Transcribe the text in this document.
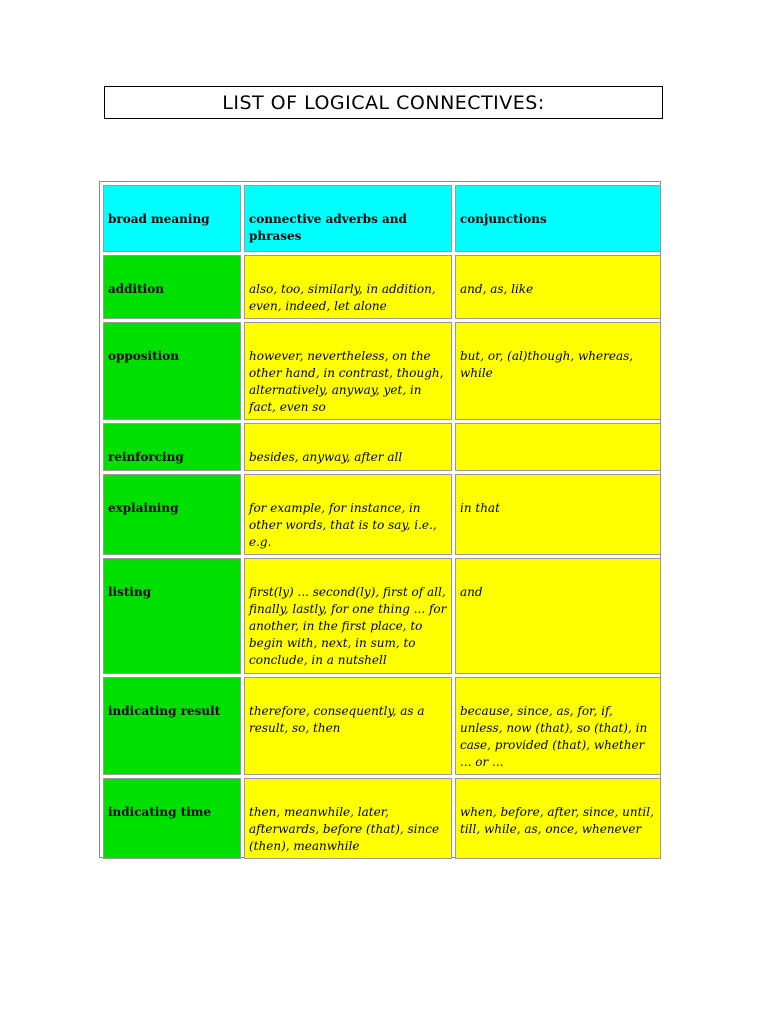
LIST OF LOGICAL CONNECTIVES:
broad meaning	connective adverbs and phrases	conjunctions
addition	also, too, similarly, in addition, even, indeed, let alone	and, as, like
opposition	however, nevertheless, on the other hand, in contrast, though, alternatively, anyway, yet, in fact, even so	but, or, (al)though, whereas, while
reinforcing	besides, anyway, after all	
explaining	for example, for instance, in other words, that is to say, i.e., e.g.	in that
listing	first(ly) ... second(ly), first of all, finally, lastly, for one thing ... for another, in the first place, to begin with, next, in sum, to conclude, in a nutshell	and
indicating result	therefore, consequently, as a result, so, then	because, since, as, for, if, unless, now (that), so (that), in case, provided (that), whether ... or ...
indicating time	then, meanwhile, later, afterwards, before (that), since (then), meanwhile	when, before, after, since, until, till, while, as, once, whenever
